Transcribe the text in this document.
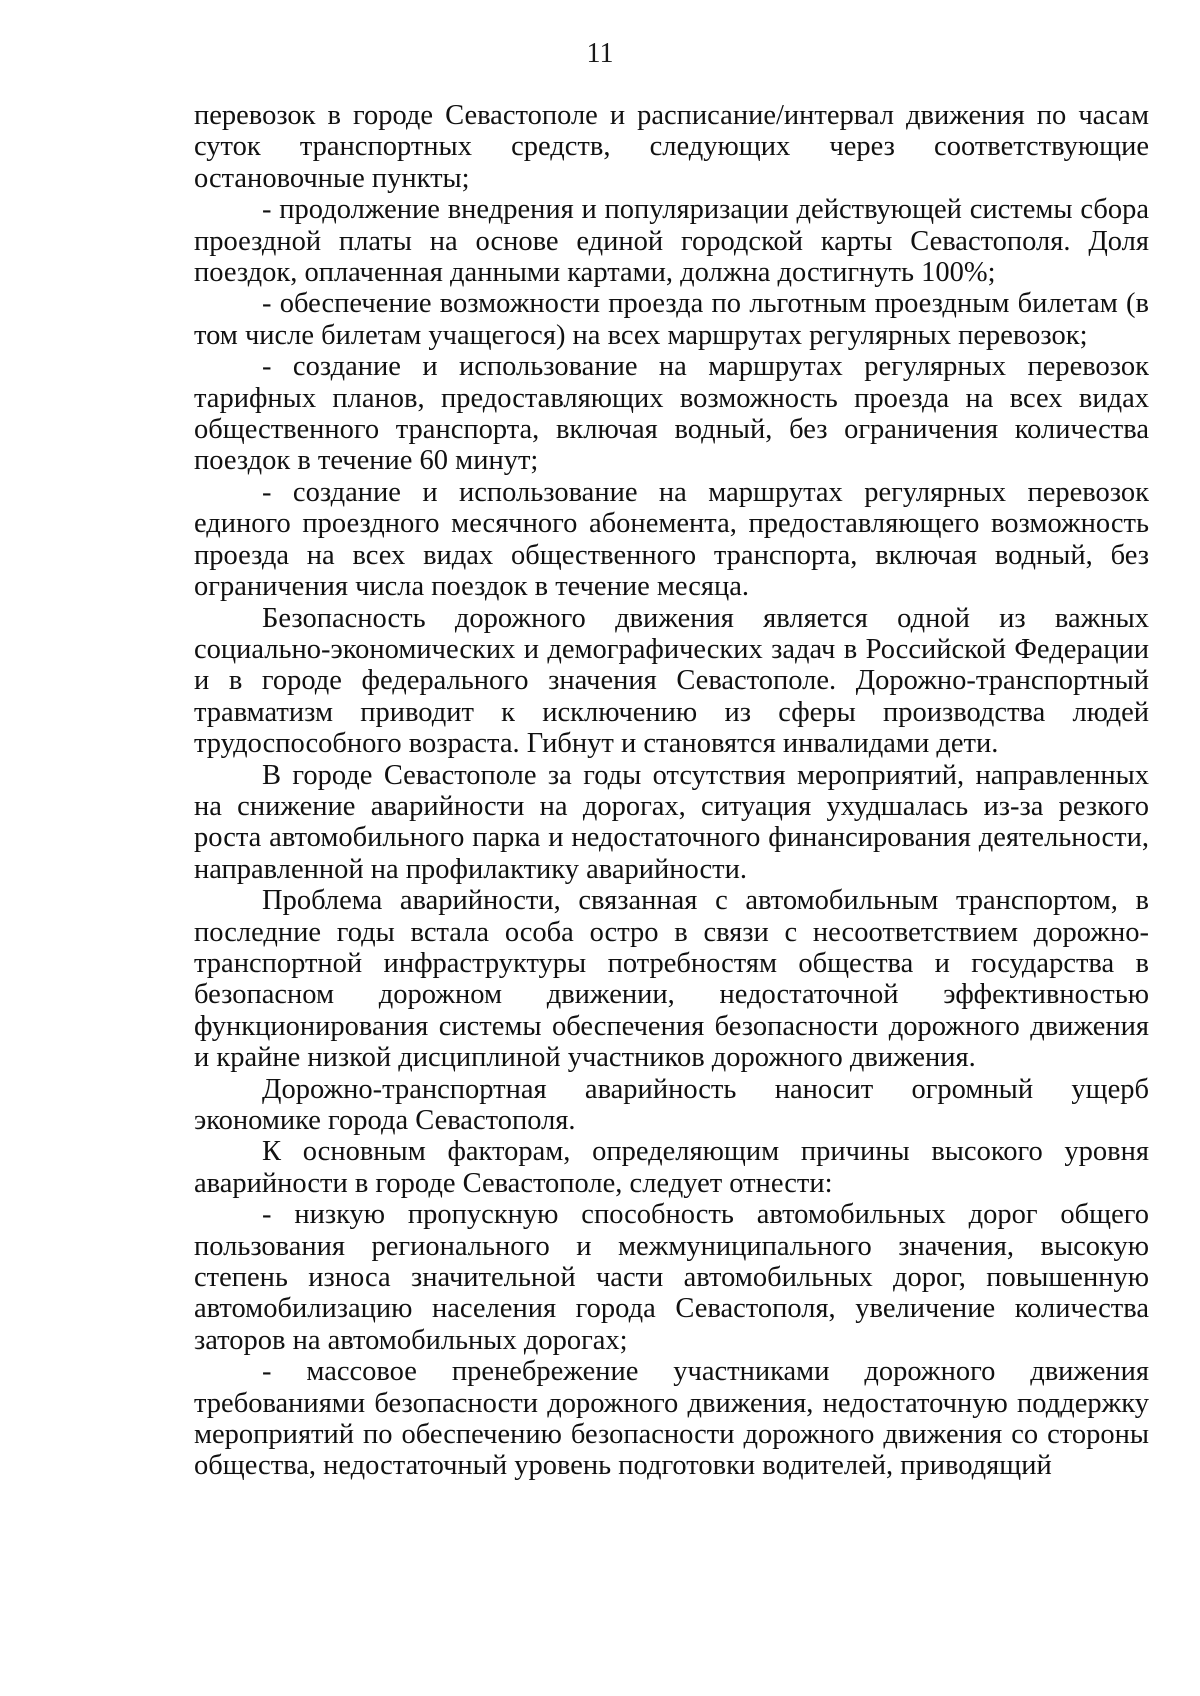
11

перевозок в городе Севастополе и расписание/интервал движения по часам суток транспортных средств, следующих через соответствующие остановочные пункты;

- продолжение внедрения и популяризации действующей системы сбора проездной платы на основе единой городской карты Севастополя. Доля поездок, оплаченная данными картами, должна достигнуть 100%;

- обеспечение возможности проезда по льготным проездным билетам (в том числе билетам учащегося) на всех маршрутах регулярных перевозок;

- создание и использование на маршрутах регулярных перевозок тарифных планов, предоставляющих возможность проезда на всех видах общественного транспорта, включая водный, без ограничения количества поездок в течение 60 минут;

- создание и использование на маршрутах регулярных перевозок единого проездного месячного абонемента, предоставляющего возможность проезда на всех видах общественного транспорта, включая водный, без ограничения числа поездок в течение месяца.

Безопасность дорожного движения является одной из важных социально-экономических и демографических задач в Российской Федерации и в городе федерального значения Севастополе. Дорожно-транспортный травматизм приводит к исключению из сферы производства людей трудоспособного возраста. Гибнут и становятся инвалидами дети.

В городе Севастополе за годы отсутствия мероприятий, направленных на снижение аварийности на дорогах, ситуация ухудшалась из-за резкого роста автомобильного парка и недостаточного финансирования деятельности, направленной на профилактику аварийности.

Проблема аварийности, связанная с автомобильным транспортом, в последние годы встала особа остро в связи с несоответствием дорожно-транспортной инфраструктуры потребностям общества и государства в безопасном дорожном движении, недостаточной эффективностью функционирования системы обеспечения безопасности дорожного движения и крайне низкой дисциплиной участников дорожного движения.

Дорожно-транспортная аварийность наносит огромный ущерб экономике города Севастополя.

К основным факторам, определяющим причины высокого уровня аварийности в городе Севастополе, следует отнести:

- низкую пропускную способность автомобильных дорог общего пользования регионального и межмуниципального значения, высокую степень износа значительной части автомобильных дорог, повышенную автомобилизацию населения города Севастополя, увеличение количества заторов на автомобильных дорогах;

- массовое пренебрежение участниками дорожного движения требованиями безопасности дорожного движения, недостаточную поддержку мероприятий по обеспечению безопасности дорожного движения со стороны общества, недостаточный уровень подготовки водителей, приводящий
